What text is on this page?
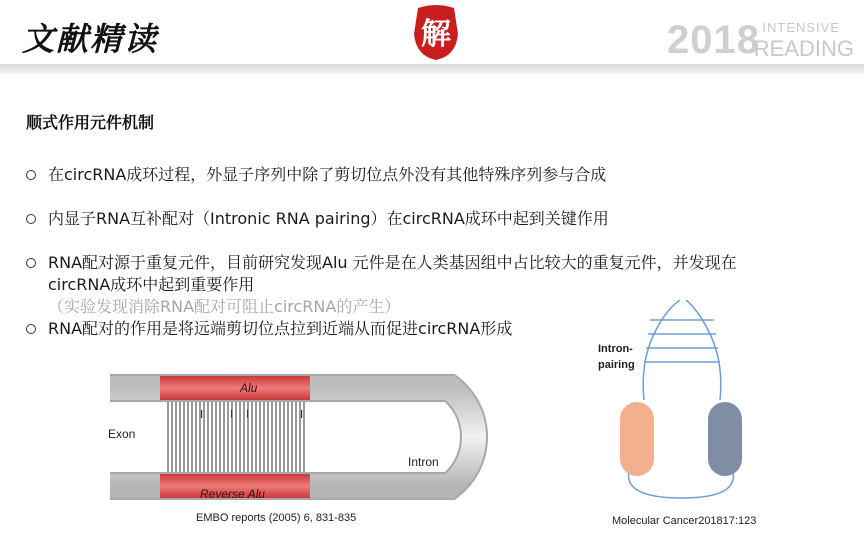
文献精读	解	2018 INTENSIVE
READING
顺式作用元件机制
在circRNA成环过程，外显子序列中除了剪切位点外没有其他特殊序列参与合成
内显子RNA互补配对（Intronic RNA pairing）在circRNA成环中起到关键作用
RNA配对源于重复元件，目前研究发现Alu 元件是在人类基因组中占比较大的重复元件，并发现在circRNA成环中起到重要作用
（实验发现消除RNA配对可阻止circRNA的产生）
RNA配对的作用是将远端剪切位点拉到近端从而促进circRNA形成
I I I	I
Alu
Reverse Alu
Exon
Intron
EMBO reports (2005) 6, 831-835
Intron-
pairing
Molecular Cancer201817:123
